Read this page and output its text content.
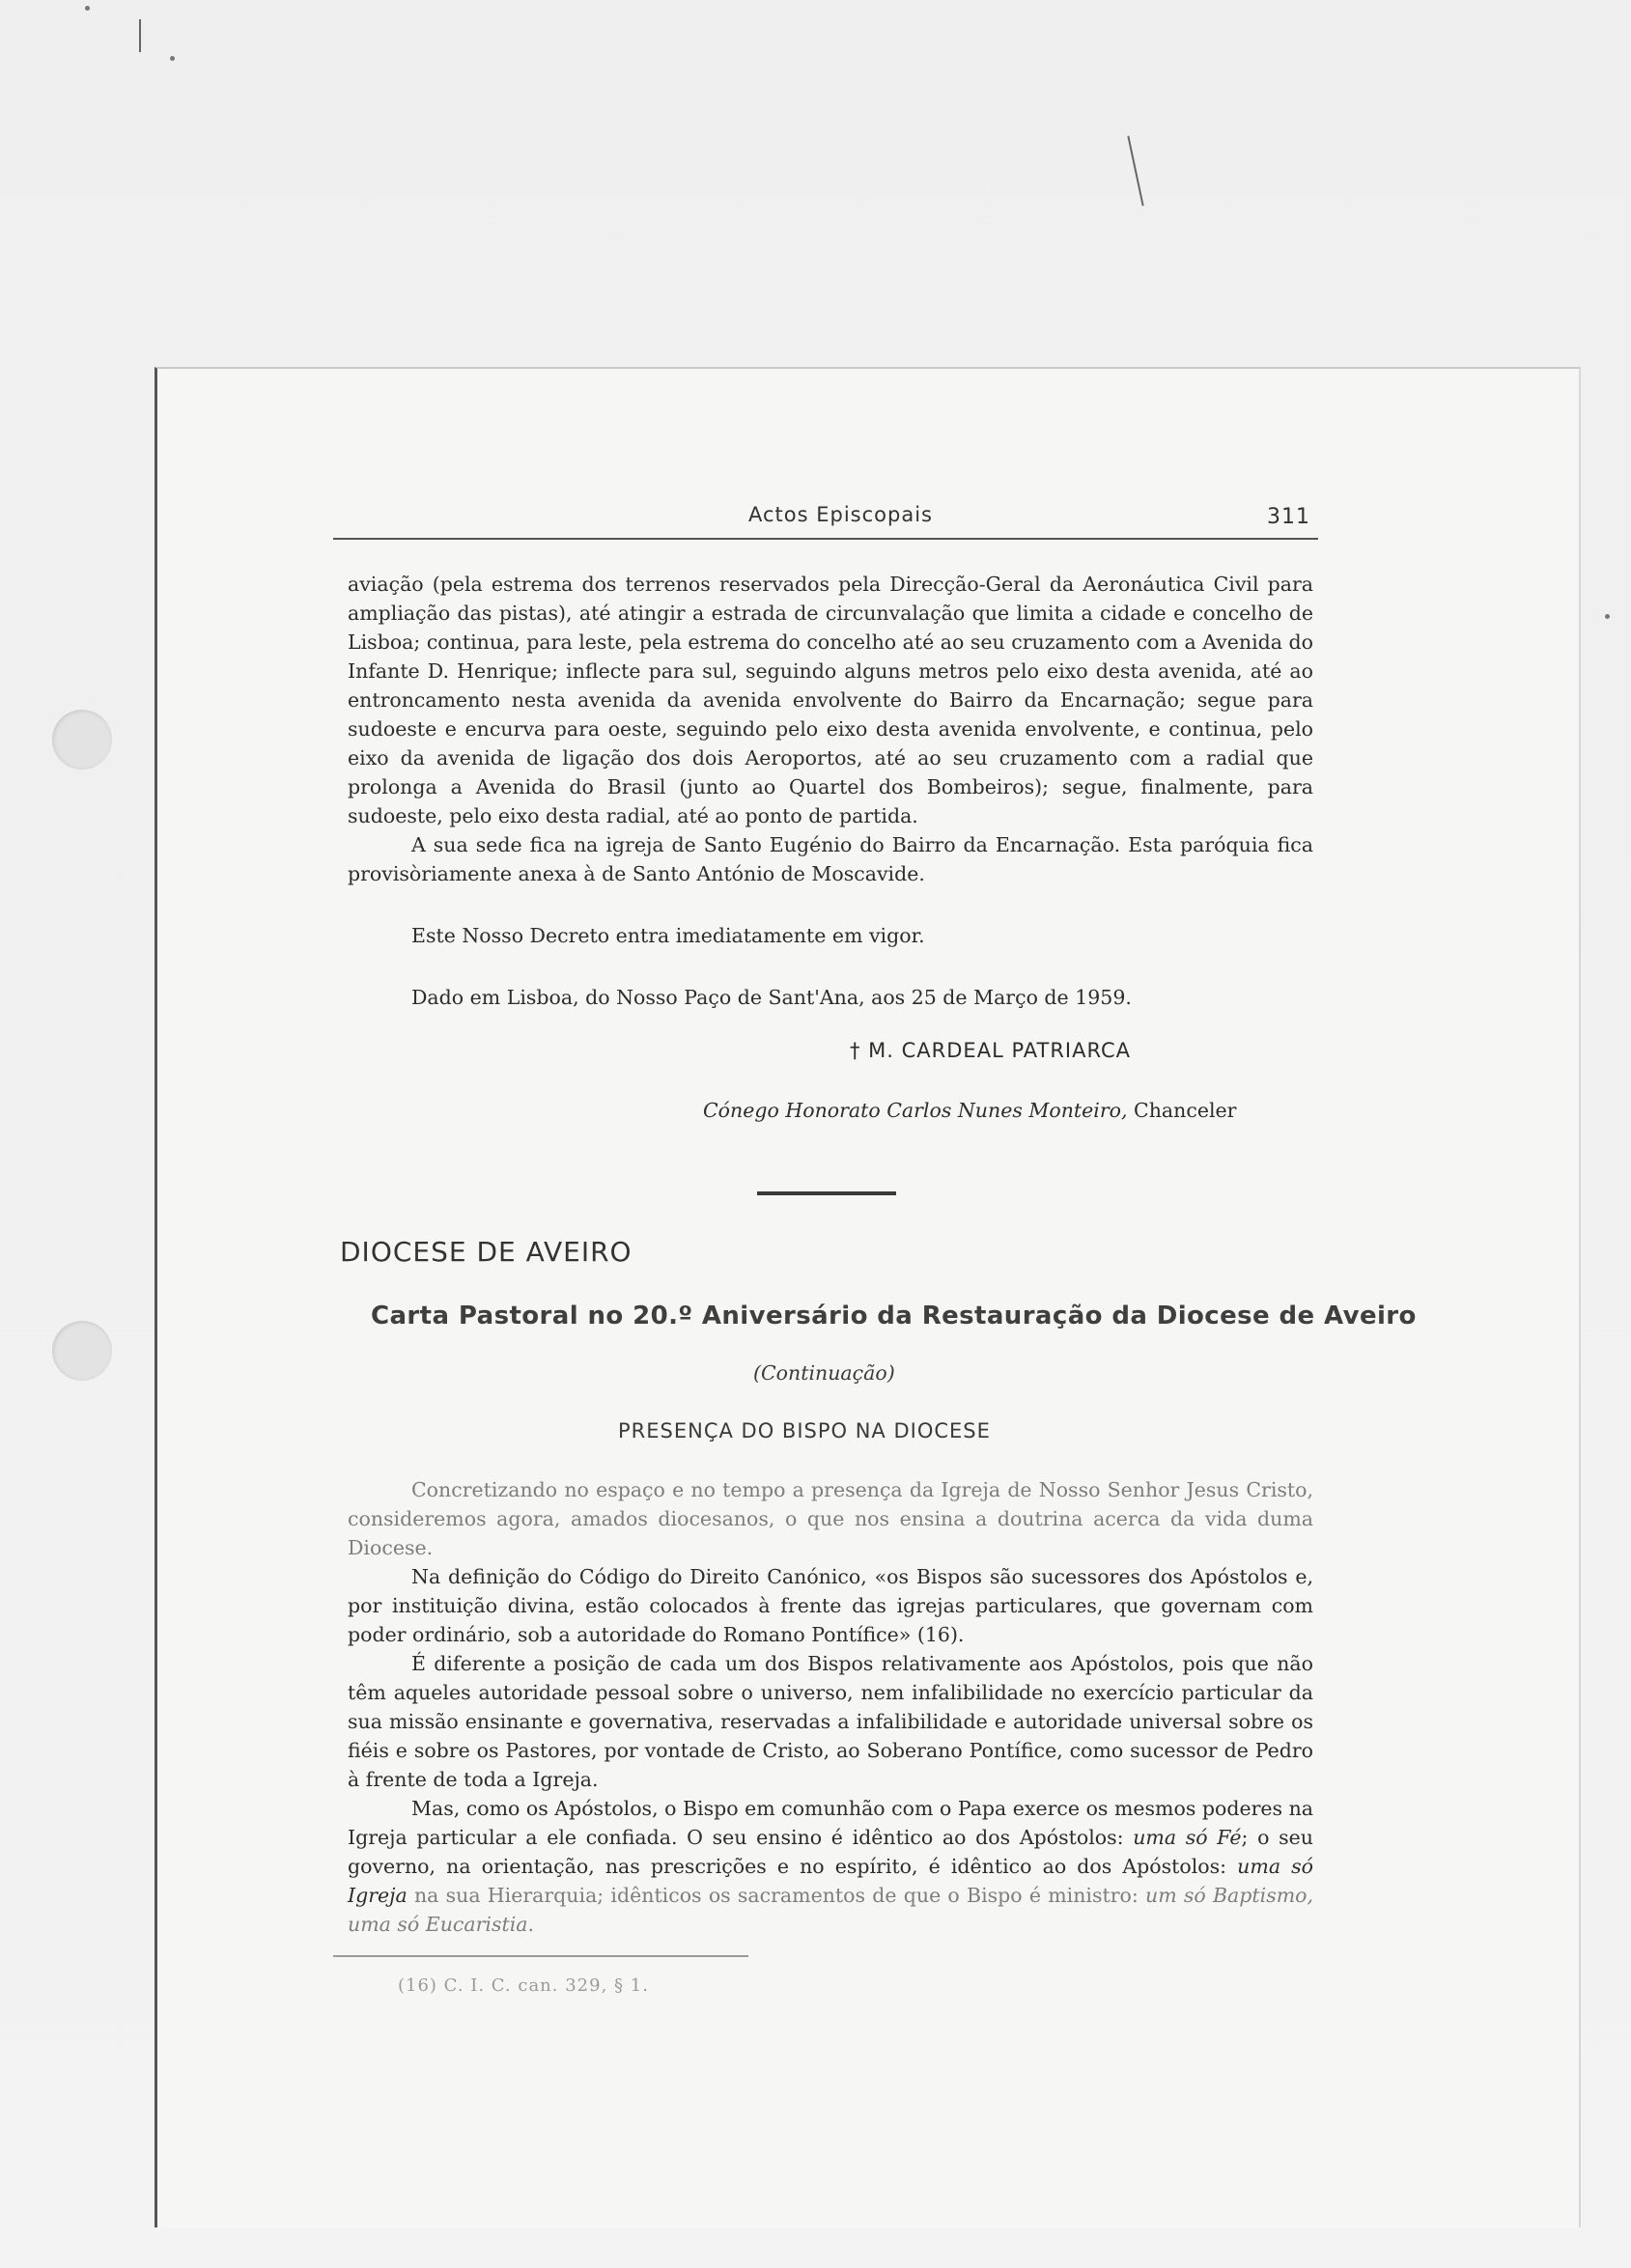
Actos Episcopais	311

aviação (pela estrema dos terrenos reservados pela Direcção-Geral da Aeronáutica Civil para ampliação das pistas), até atingir a estrada de circunvalação que limita a cidade e concelho de Lisboa; continua, para leste, pela estrema do concelho até ao seu cruzamento com a Avenida do Infante D. Henrique; inflecte para sul, seguindo alguns metros pelo eixo desta avenida, até ao entroncamento nesta avenida da avenida envolvente do Bairro da Encarnação; segue para sudoeste e encurva para oeste, seguindo pelo eixo desta avenida envolvente, e continua, pelo eixo da avenida de ligação dos dois Aeroportos, até ao seu cruzamento com a radial que prolonga a Avenida do Brasil (junto ao Quartel dos Bombeiros); segue, finalmente, para sudoeste, pelo eixo desta radial, até ao ponto de partida.

A sua sede fica na igreja de Santo Eugénio do Bairro da Encarnação. Esta paróquia fica provisòriamente anexa à de Santo António de Moscavide.

Este Nosso Decreto entra imediatamente em vigor.
Dado em Lisboa, do Nosso Paço de Sant'Ana, aos 25 de Março de 1959.
† M. CARDEAL PATRIARCA
Cónego Honorato Carlos Nunes Monteiro, Chanceler
DIOCESE DE AVEIRO
Carta Pastoral no 20.º Aniversário da Restauração da Diocese de Aveiro
(Continuação)
PRESENÇA DO BISPO NA DIOCESE

Concretizando no espaço e no tempo a presença da Igreja de Nosso Senhor Jesus Cristo, consideremos agora, amados diocesanos, o que nos ensina a doutrina acerca da vida duma Diocese.

Na definição do Código do Direito Canónico, «os Bispos são sucessores dos Apóstolos e, por instituição divina, estão colocados à frente das igrejas particulares, que governam com poder ordinário, sob a autoridade do Romano Pontífice» (16).

É diferente a posição de cada um dos Bispos relativamente aos Apóstolos, pois que não têm aqueles autoridade pessoal sobre o universo, nem infalibilidade no exercício particular da sua missão ensinante e governativa, reservadas a infalibilidade e autoridade universal sobre os fiéis e sobre os Pastores, por vontade de Cristo, ao Soberano Pontífice, como sucessor de Pedro à frente de toda a Igreja.

Mas, como os Apóstolos, o Bispo em comunhão com o Papa exerce os mesmos poderes na Igreja particular a ele confiada. O seu ensino é idêntico ao dos Apóstolos: uma só Fé; o seu governo, na orientação, nas prescrições e no espírito, é idêntico ao dos Apóstolos: uma só Igreja na sua Hierarquia; idênticos os sacramentos de que o Bispo é ministro: um só Baptismo, uma só Eucaristia.

(16) C. I. C. can. 329, § 1.
